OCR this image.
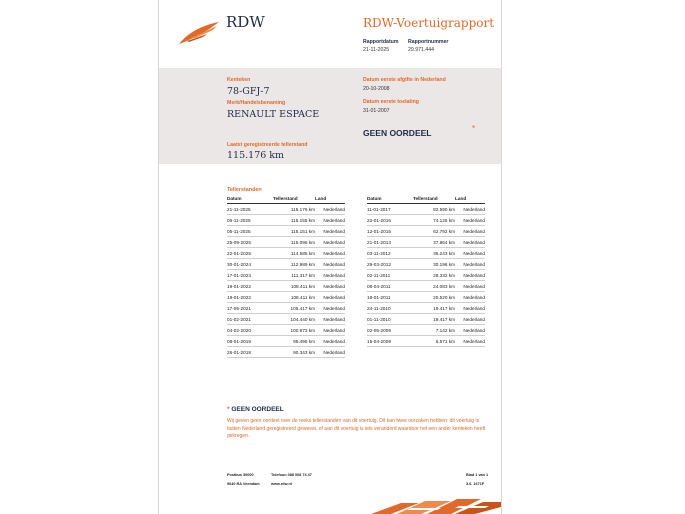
RDW	RDW-Voertuigrapport
Rapportdatum
21-11-2025
Rapportnummer
29.971.444
Kenteken
78-GFJ-7
Merk/Handelsbenaming
RENAULT ESPACE
Datum eerste afgifte in Nederland
20-10-2008
Datum eerste toelating
31-01-2007
GEEN OORDEEL	*
Laatst geregistreerde tellerstand
115.176 km
Tellerstanden
Datum	Tellerstand	Land
21-11-2025	115.176 km	Nederland
06-11-2025	115.155 km	Nederland
05-11-2025	115.151 km	Nederland
25-09-2025	115.096 km	Nederland
22-01-2025	114.585 km	Nederland
30-01-2024	112.989 km	Nederland
17-01-2023	111.317 km	Nederland
19-01-2022	108.411 km	Nederland
19-01-2022	108.411 km	Nederland
17-05-2021	105.417 km	Nederland
01-02-2021	104.440 km	Nederland
04-02-2020	100.973 km	Nederland
08-01-2019	95.495 km	Nederland
26-01-2018	90.343 km	Nederland
Datum	Tellerstand	Land
11-01-2017	82.590 km	Nederland
22-01-2016	74.125 km	Nederland
12-01-2015	62.792 km	Nederland
21-01-2013	37.864 km	Nederland
03-11-2012	36.243 km	Nederland
29-03-2012	30.196 km	Nederland
02-11-2011	28.332 km	Nederland
08-04-2011	24.083 km	Nederland
18-01-2011	20.520 km	Nederland
24-11-2010	19.417 km	Nederland
01-11-2010	19.417 km	Nederland
02-05-2009	7.142 km	Nederland
15-04-2009	6.571 km	Nederland
* GEEN OORDEEL
Wij geven geen oordeel over de reeks tellerstanden van dit voertuig. Dit kan twee oorzaken hebben: dit voertuig is buiten Nederland geregistreerd geweest, of aan dit voertuig is iets veranderd waardoor het een ander kenteken heeft gekregen.
Postbus 30000
9640 RA Veendam
Telefoon 088 008 74 47
www.rdw.nl
Blad 1 van 1
3.6. 1671F
